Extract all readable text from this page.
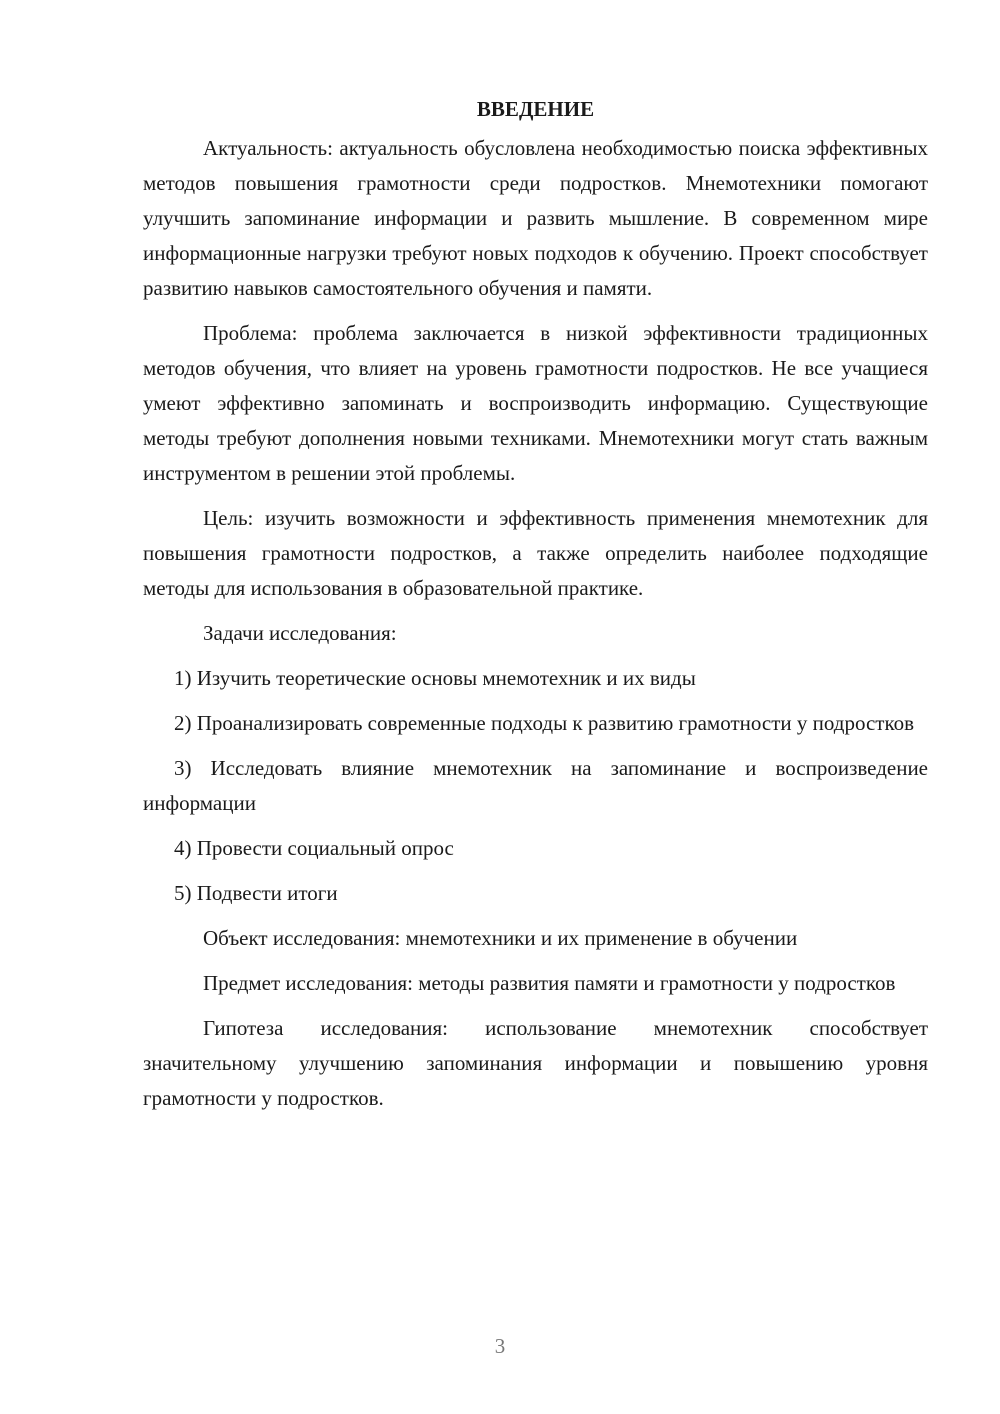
ВВЕДЕНИЕ

Актуальность: актуальность обусловлена необходимостью поиска эффективных методов повышения грамотности среди подростков. Мнемотехники помогают улучшить запоминание информации и развить мышление. В современном мире информационные нагрузки требуют новых подходов к обучению. Проект способствует развитию навыков самостоятельного обучения и памяти.

Проблема: проблема заключается в низкой эффективности традиционных методов обучения, что влияет на уровень грамотности подростков. Не все учащиеся умеют эффективно запоминать и воспроизводить информацию. Существующие методы требуют дополнения новыми техниками. Мнемотехники могут стать важным инструментом в решении этой проблемы.

Цель: изучить возможности и эффективность применения мнемотехник для повышения грамотности подростков, а также определить наиболее подходящие методы для использования в образовательной практике.

Задачи исследования:

1) Изучить теоретические основы мнемотехник и их виды

2) Проанализировать современные подходы к развитию грамотности у подростков

3) Исследовать влияние мнемотехник на запоминание и воспроизведение информации

4) Провести социальный опрос

5) Подвести итоги

Объект исследования: мнемотехники и их применение в обучении

Предмет исследования: методы развития памяти и грамотности у подростков

Гипотеза исследования: использование мнемотехник способствует значительному улучшению запоминания информации и повышению уровня грамотности у подростков.

3
